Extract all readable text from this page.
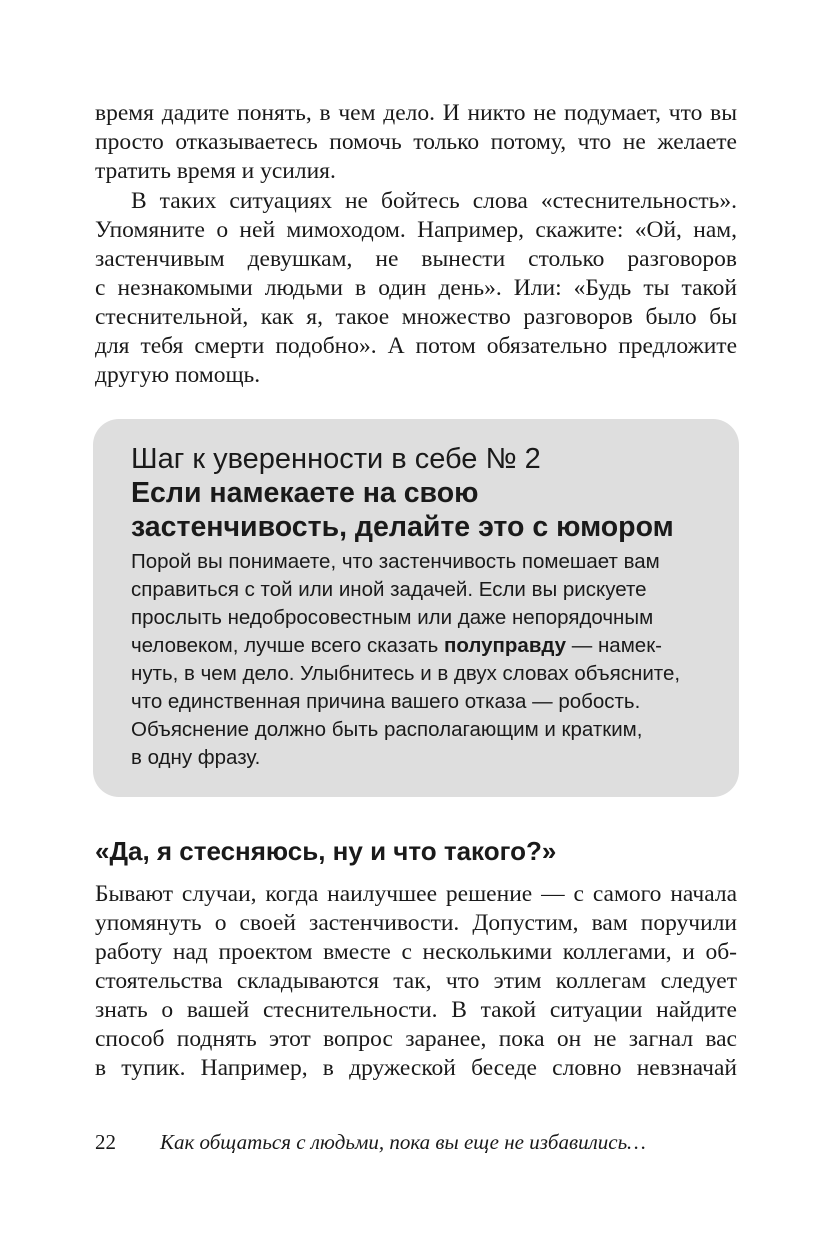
время дадите понять, в чем дело. И никто не подумает, что вы

просто отказываетесь помочь только потому, что не желаете

тратить время и усилия.

В таких ситуациях не бойтесь слова «стеснительность».

Упомяните о ней мимоходом. Например, скажите: «Ой, нам,

застенчивым девушкам, не вынести столько разговоров

с незнакомыми людьми в один день». Или: «Будь ты такой

стеснительной, как я, такое множество разговоров было бы

для тебя смерти подобно». А потом обязательно предложите

другую помощь.

Шаг к уверенности в себе № 2

Если намекаете на свою

застенчивость, делайте это с юмором

Порой вы понимаете, что застенчивость помешает вам

справиться с той или иной задачей. Если вы рискуете

прослыть недобросовестным или даже непорядочным

человеком, лучше всего сказать полуправду — намек-

нуть, в чем дело. Улыбнитесь и в двух словах объясните,

что единственная причина вашего отказа — робость.

Объяснение должно быть располагающим и кратким,

в одну фразу.

«Да, я стесняюсь, ну и что такого?»

Бывают случаи, когда наилучшее решение — с самого начала

упомянуть о своей застенчивости. Допустим, вам поручили

работу над проектом вместе с несколькими коллегами, и об-

стоятельства складываются так, что этим коллегам следует

знать о вашей стеснительности. В такой ситуации найдите

способ поднять этот вопрос заранее, пока он не загнал вас

в тупик. Например, в дружеской беседе словно невзначай

22 Как общаться с людьми, пока вы еще не избавились…
